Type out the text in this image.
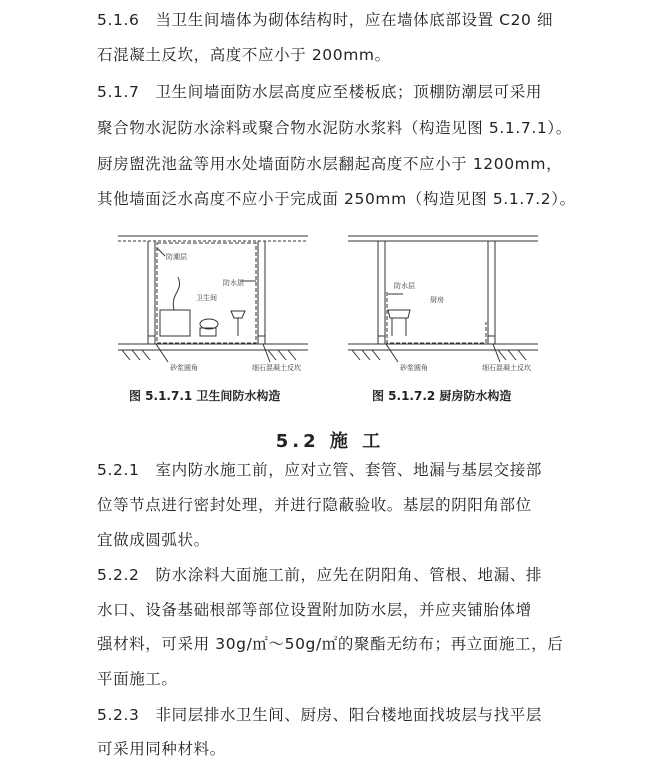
5.1.6　当卫生间墙体为砌体结构时，应在墙体底部设置 C20 细
石混凝土反坎，高度不应小于 200mm。
5.1.7　卫生间墙面防水层高度应至楼板底；顶棚防潮层可采用
聚合物水泥防水涂料或聚合物水泥防水浆料（构造见图 5.1.7.1）。
厨房盥洗池盆等用水处墙面防水层翻起高度不应小于 1200mm，
其他墙面泛水高度不应小于完成面 250mm（构造见图 5.1.7.2）。
防潮层
防水层
卫生间
砂浆圆角	细石混凝土反坎
防水层
厨房
砂浆圆角	细石混凝土反坎
图 5.1.7.1 卫生间防水构造	图 5.1.7.2 厨房防水构造
5.2 施 工
5.2.1　室内防水施工前，应对立管、套管、地漏与基层交接部
位等节点进行密封处理，并进行隐蔽验收。基层的阴阳角部位
宜做成圆弧状。
5.2.2　防水涂料大面施工前，应先在阴阳角、管根、地漏、排
水口、设备基础根部等部位设置附加防水层，并应夹铺胎体增
强材料，可采用 30g/㎡～50g/㎡的聚酯无纺布；再立面施工，后
平面施工。
5.2.3　非同层排水卫生间、厨房、阳台楼地面找坡层与找平层
可采用同种材料。
